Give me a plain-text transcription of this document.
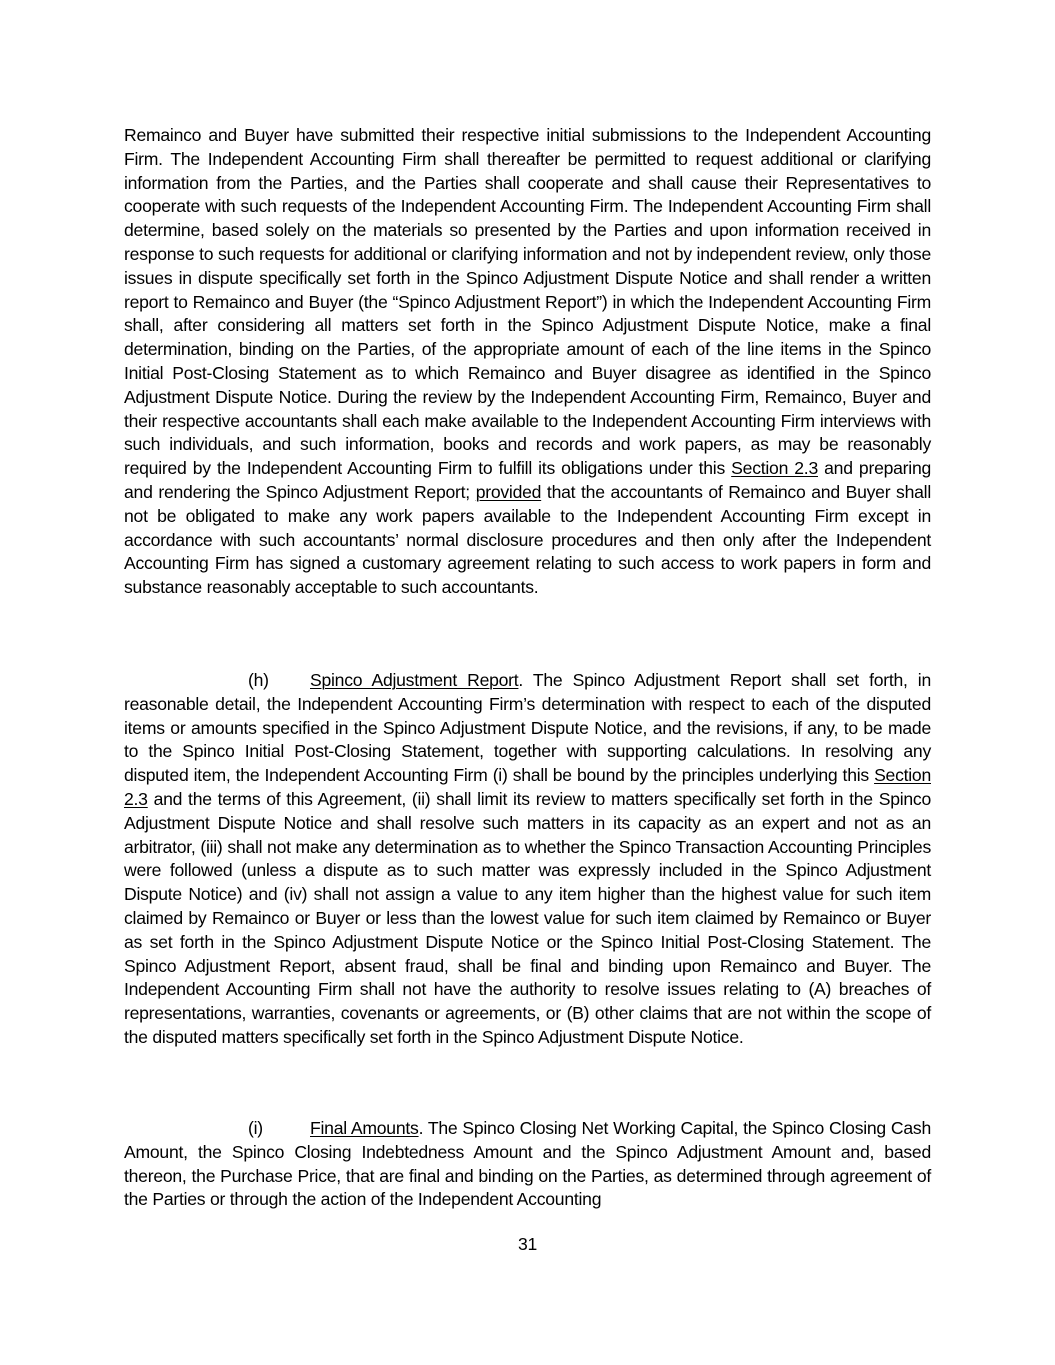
Remainco and Buyer have submitted their respective initial submissions to the Independent Accounting Firm. The Independent Accounting Firm shall thereafter be permitted to request additional or clarifying information from the Parties, and the Parties shall cooperate and shall cause their Representatives to cooperate with such requests of the Independent Accounting Firm. The Independent Accounting Firm shall determine, based solely on the materials so presented by the Parties and upon information received in response to such requests for additional or clarifying information and not by independent review, only those issues in dispute specifically set forth in the Spinco Adjustment Dispute Notice and shall render a written report to Remainco and Buyer (the “Spinco Adjustment Report”) in which the Independent Accounting Firm shall, after considering all matters set forth in the Spinco Adjustment Dispute Notice, make a final determination, binding on the Parties, of the appropriate amount of each of the line items in the Spinco Initial Post-Closing Statement as to which Remainco and Buyer disagree as identified in the Spinco Adjustment Dispute Notice. During the review by the Independent Accounting Firm, Remainco, Buyer and their respective accountants shall each make available to the Independent Accounting Firm interviews with such individuals, and such information, books and records and work papers, as may be reasonably required by the Independent Accounting Firm to fulfill its obligations under this Section 2.3 and preparing and rendering the Spinco Adjustment Report; provided that the accountants of Remainco and Buyer shall not be obligated to make any work papers available to the Independent Accounting Firm except in accordance with such accountants’ normal disclosure procedures and then only after the Independent Accounting Firm has signed a customary agreement relating to such access to work papers in form and substance reasonably acceptable to such accountants.

(h) Spinco Adjustment Report. The Spinco Adjustment Report shall set forth, in reasonable detail, the Independent Accounting Firm’s determination with respect to each of the disputed items or amounts specified in the Spinco Adjustment Dispute Notice, and the revisions, if any, to be made to the Spinco Initial Post-Closing Statement, together with supporting calculations. In resolving any disputed item, the Independent Accounting Firm (i) shall be bound by the principles underlying this Section 2.3 and the terms of this Agreement, (ii) shall limit its review to matters specifically set forth in the Spinco Adjustment Dispute Notice and shall resolve such matters in its capacity as an expert and not as an arbitrator, (iii) shall not make any determination as to whether the Spinco Transaction Accounting Principles were followed (unless a dispute as to such matter was expressly included in the Spinco Adjustment Dispute Notice) and (iv) shall not assign a value to any item higher than the highest value for such item claimed by Remainco or Buyer or less than the lowest value for such item claimed by Remainco or Buyer as set forth in the Spinco Adjustment Dispute Notice or the Spinco Initial Post-Closing Statement. The Spinco Adjustment Report, absent fraud, shall be final and binding upon Remainco and Buyer. The Independent Accounting Firm shall not have the authority to resolve issues relating to (A) breaches of representations, warranties, covenants or agreements, or (B) other claims that are not within the scope of the disputed matters specifically set forth in the Spinco Adjustment Dispute Notice.

(i)	Final Amounts. The Spinco Closing Net Working Capital, the Spinco Closing Cash Amount, the Spinco Closing Indebtedness Amount and the Spinco Adjustment Amount and, based thereon, the Purchase Price, that are final and binding on the Parties, as determined through agreement of the Parties or through the action of the Independent Accounting

31
